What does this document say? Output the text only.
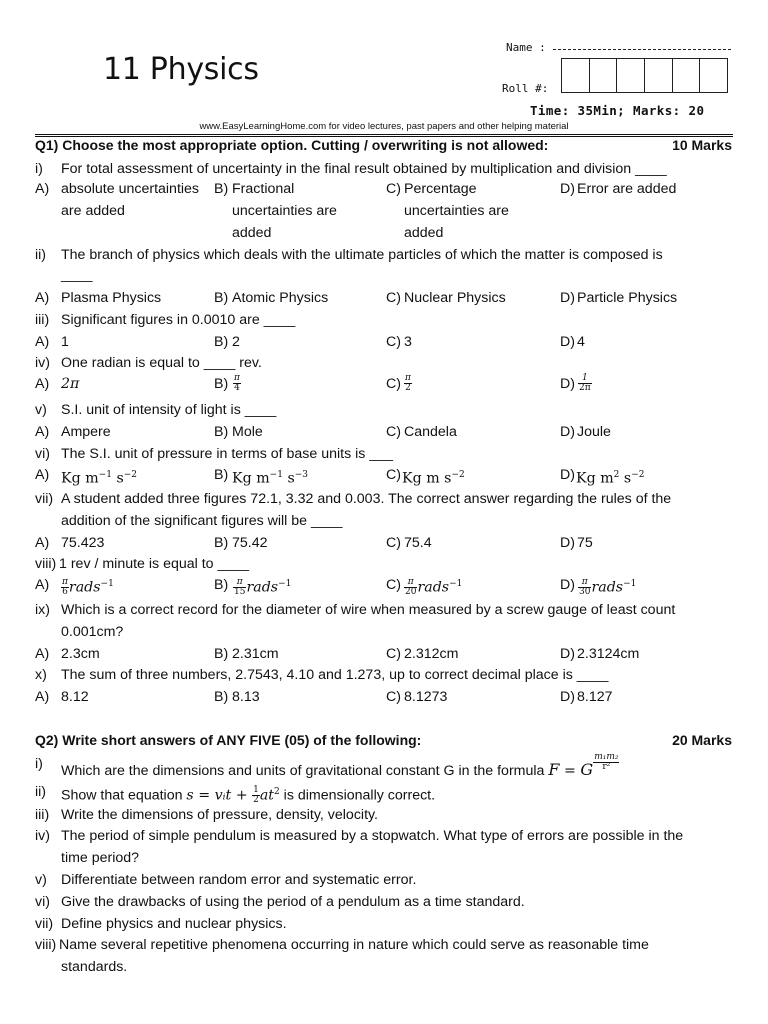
11 Physics
Name :
Roll #:
Time: 35Min; Marks: 20
www.EasyLearningHome.com for video lectures, past papers and other helping material
Q1) Choose the most appropriate option. Cutting / overwriting is not allowed:	10 Marks
i) For total assessment of uncertainty in the final result obtained by multiplication and division ____
A) absolute uncertainties
are added
B) Fractional
uncertainties are
added
C) Percentage
uncertainties are
added
D) Error are added
ii) The branch of physics which deals with the ultimate particles of which the matter is composed is
____
A) Plasma Physics	B) Atomic Physics	C) Nuclear Physics	D) Particle Physics
iii) Significant figures in 0.0010 are ____
A) 1	B) 2	C) 3	D) 4
iv) One radian is equal to ____ rev.
A) 2π	$B) \frac{\pi}{4}$	$C) \frac{\pi}{2}$	$D) \frac{1}{2\pi}$
v) S.I. unit of intensity of light is ____
A) Ampere	B) Mole	C) Candela	D) Joule
vi) The S.I. unit of pressure in terms of base units is ___
A) Kg $m^{-1}$ $s^{-2}$	B) Kg $m^{-1}$ $s^{-3}$	C) Kg m $s^{-2}$	D) Kg $m^2$ $s^{-2}$
vii) A student added three figures 72.1, 3.32 and 0.003. The correct answer regarding the rules of the
addition of the significant figures will be ____
A) 75.423	B) 75.42	C) 75.4	D) 75
viii) 1 rev / minute is equal to ____
$A) \frac{\pi}{6}$ rads$^{-1}$	$B) \frac{\pi}{15}$ rads$^{-1}$	$C) \frac{\pi}{20}$ rads$^{-1}$	$D) \frac{\pi}{30}$ rads$^{-1}$
ix) Which is a correct record for the diameter of wire when measured by a screw gauge of least count
0.001cm?
A) 2.3cm	B) 2.31cm	C) 2.312cm	D) 2.3124cm
x) The sum of three numbers, 2.7543, 4.10 and 1.273, up to correct decimal place is ____
A) 8.12	B) 8.13	C) 8.1273	D) 8.127
Q2) Write short answers of ANY FIVE (05) of the following:	20 Marks
i) Which are the dimensions and units of gravitational constant G in the formula F = G $\frac{\text{m₁m₂}}{\text{r²}}$
ii) Show that equation s = vᵢt + $\frac{1}{2} at^2$ is dimensionally correct.
iii) Write the dimensions of pressure, density, velocity.
iv) The period of simple pendulum is measured by a stopwatch. What type of errors are possible in the
time period?
v) Differentiate between random error and systematic error.
vi) Give the drawbacks of using the period of a pendulum as a time standard.
vii) Define physics and nuclear physics.
viii) Name several repetitive phenomena occurring in nature which could serve as reasonable time
standards.
